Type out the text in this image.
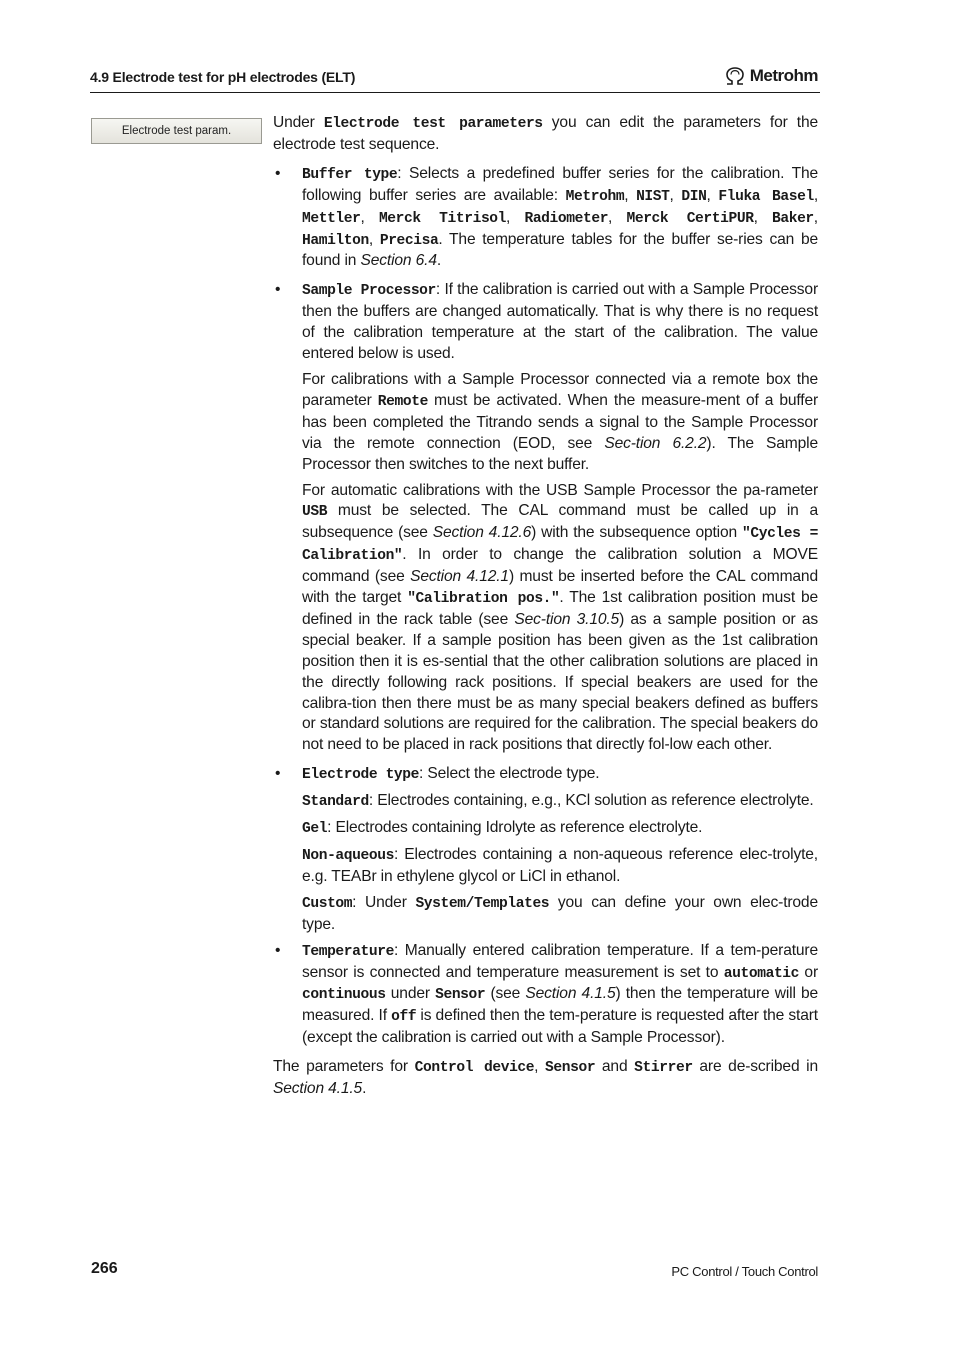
4.9 Electrode test for pH electrodes (ELT)	Metrohm
Electrode test param.	Under Electrode test parameters you can edit the parameters for the electrode test sequence.

• Buffer type: Selects a predefined buffer series for the calibration. The following buffer series are available: Metrohm, NIST, DIN, Fluka Basel, Mettler, Merck Titrisol, Radiometer, Merck CertiPUR, Baker, Hamilton, Precisa. The temperature tables for the buffer se-ries can be found in Section 6.4.

• Sample Processor: If the calibration is carried out with a Sample Processor then the buffers are changed automatically. That is why there is no request of the calibration temperature at the start of the calibration. The value entered below is used.

For calibrations with a Sample Processor connected via a remote box the parameter Remote must be activated. When the measure-ment of a buffer has been completed the Titrando sends a signal to the Sample Processor via the remote connection (EOD, see Sec-tion 6.2.2). The Sample Processor then switches to the next buffer.

For automatic calibrations with the USB Sample Processor the pa-rameter USB must be selected. The CAL command must be called up in a subsequence (see Section 4.12.6) with the subsequence option "Cycles = Calibration". In order to change the calibration solution a MOVE command (see Section 4.12.1) must be inserted before the CAL command with the target "Calibration pos.". The 1st calibration position must be defined in the rack table (see Sec-tion 3.10.5) as a sample position or as special beaker. If a sample position has been given as the 1st calibration position then it is es-sential that the other calibration solutions are placed in the directly following rack positions. If special beakers are used for the calibra-tion then there must be as many special beakers defined as buffers or standard solutions are required for the calibration. The special beakers do not need to be placed in rack positions that directly fol-low each other.

• Electrode type: Select the electrode type.

Standard: Electrodes containing, e.g., KCl solution as reference electrolyte.

Gel: Electrodes containing Idrolyte as reference electrolyte.

Non-aqueous: Electrodes containing a non-aqueous reference elec-trolyte, e.g. TEABr in ethylene glycol or LiCl in ethanol.

Custom: Under System/Templates you can define your own elec-trode type.

• Temperature: Manually entered calibration temperature. If a tem-perature sensor is connected and temperature measurement is set to automatic or continuous under Sensor (see Section 4.1.5) then the temperature will be measured. If off is defined then the tem-perature is requested after the start (except the calibration is carried out with a Sample Processor).

The parameters for Control device, Sensor and Stirrer are de-scribed in Section 4.1.5.

266	PC Control / Touch Control
